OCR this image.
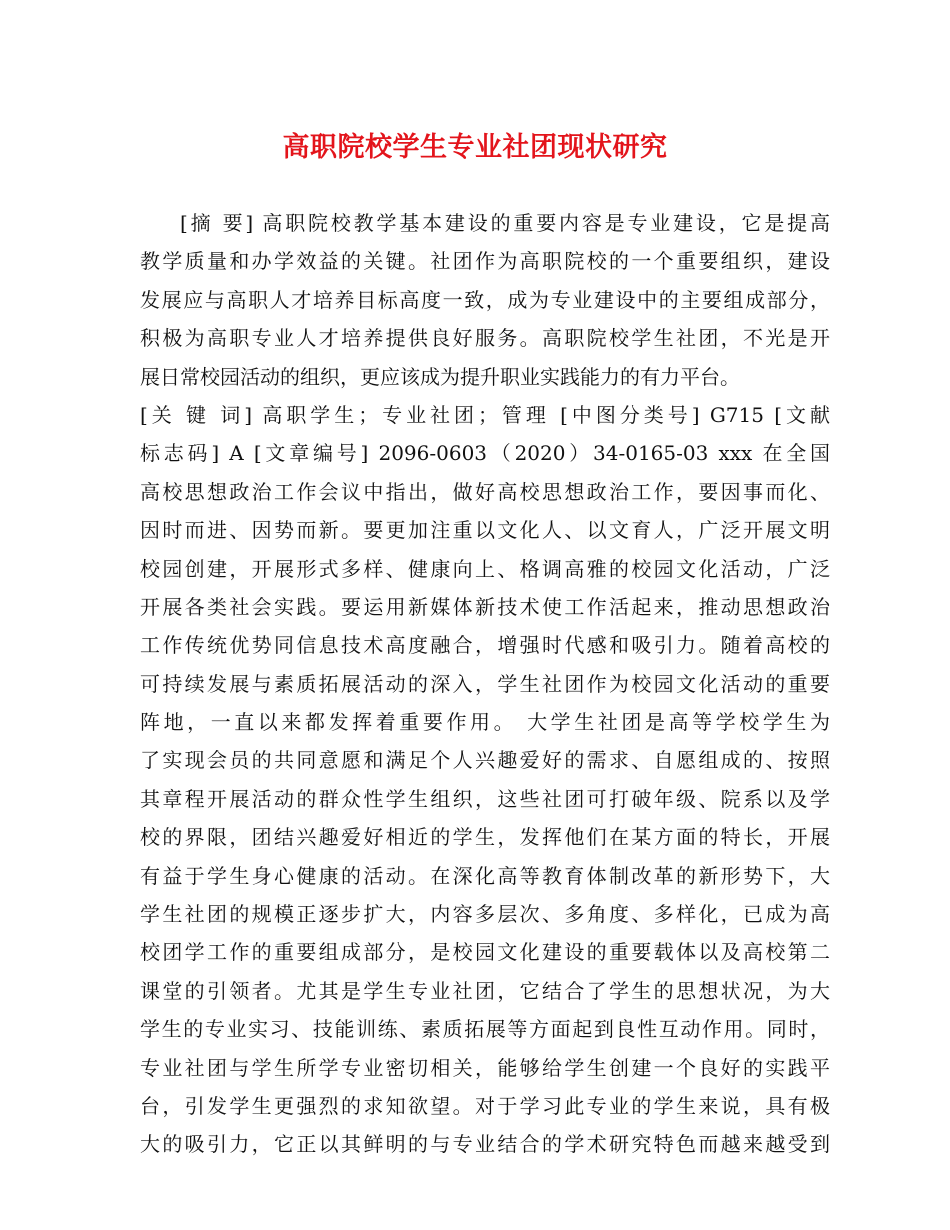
高职院校学生专业社团现状研究
[摘 要] 高职院校教学基本建设的重要内容是专业建设，它是提高
教学质量和办学效益的关键。社团作为高职院校的一个重要组织，建设
发展应与高职人才培养目标高度一致，成为专业建设中的主要组成部分，
积极为高职专业人才培养提供良好服务。高职院校学生社团，不光是开
展日常校园活动的组织，更应该成为提升职业实践能力的有力平台。
[关 键 词] 高职学生；专业社团；管理 [中图分类号] G715 [文献
标志码] A [文章编号] 2096-0603（2020）34-0165-03 xxx 在全国
高校思想政治工作会议中指出，做好高校思想政治工作，要因事而化、
因时而进、因势而新。要更加注重以文化人、以文育人，广泛开展文明
校园创建，开展形式多样、健康向上、格调高雅的校园文化活动，广泛
开展各类社会实践。要运用新媒体新技术使工作活起来，推动思想政治
工作传统优势同信息技术高度融合，增强时代感和吸引力。随着高校的
可持续发展与素质拓展活动的深入，学生社团作为校园文化活动的重要
阵地，一直以来都发挥着重要作用。 大学生社团是高等学校学生为
了实现会员的共同意愿和满足个人兴趣爱好的需求、自愿组成的、按照
其章程开展活动的群众性学生组织，这些社团可打破年级、院系以及学
校的界限，团结兴趣爱好相近的学生，发挥他们在某方面的特长，开展
有益于学生身心健康的活动。在深化高等教育体制改革的新形势下，大
学生社团的规模正逐步扩大，内容多层次、多角度、多样化，已成为高
校团学工作的重要组成部分，是校园文化建设的重要载体以及高校第二
课堂的引领者。尤其是学生专业社团，它结合了学生的思想状况，为大
学生的专业实习、技能训练、素质拓展等方面起到良性互动作用。同时，
专业社团与学生所学专业密切相关，能够给学生创建一个良好的实践平
台，引发学生更强烈的求知欲望。对于学习此专业的学生来说，具有极
大的吸引力，它正以其鲜明的与专业结合的学术研究特色而越来越受到
